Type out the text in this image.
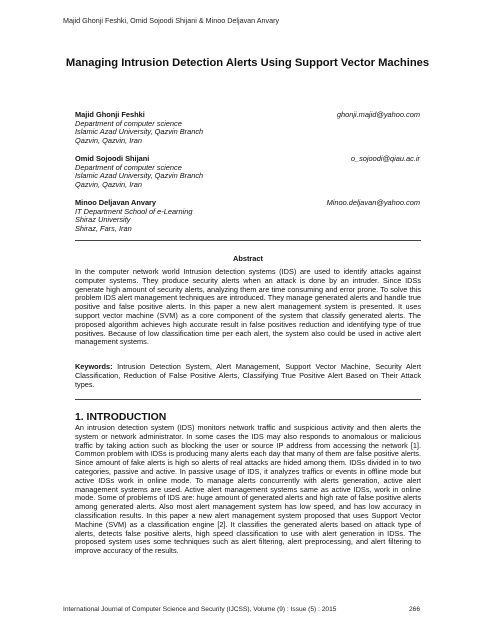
Majid Ghonji Feshki, Omid Sojoodi Shijani & Minoo Deljavan Anvary
Managing Intrusion Detection Alerts Using Support Vector Machines
Majid Ghonji Feshki	ghonji.majid@yahoo.com
Department of computer science
Islamic Azad University, Qazvin Branch
Qazvin, Qazvin, Iran
Omid Sojoodi Shijani	o_sojoodi@qiau.ac.ir
Department of computer science
Islamic Azad University, Qazvin Branch
Qazvin, Qazvin, Iran
Minoo Deljavan Anvary	Minoo.deljavan@yahoo.com
IT Department School of e-Learning
Shiraz University
Shiraz, Fars, Iran
Abstract
In the computer network world Intrusion detection systems (IDS) are used to identify attacks against computer systems. They produce security alerts when an attack is done by an intruder. Since IDSs generate high amount of security alerts, analyzing them are time consuming and error prone. To solve this problem IDS alert management techniques are introduced. They manage generated alerts and handle true positive and false positive alerts. In this paper a new alert management system is presented. It uses support vector machine (SVM) as a core component of the system that classify generated alerts. The proposed algorithm achieves high accurate result in false positives reduction and identifying type of true positives. Because of low classification time per each alert, the system also could be used in active alert management systems.
Keywords: Intrusion Detection System, Alert Management, Support Vector Machine, Security Alert Classification, Reduction of False Positive Alerts, Classifying True Positive Alert Based on Their Attack types.
1. INTRODUCTION
An intrusion detection system (IDS) monitors network traffic and suspicious activity and then alerts the system or network administrator. In some cases the IDS may also responds to anomalous or malicious traffic by taking action such as blocking the user or source IP address from accessing the network [1]. Common problem with IDSs is producing many alerts each day that many of them are false positive alerts. Since amount of fake alerts is high so alerts of real attacks are hided among them. IDSs divided in to two categories, passive and active. In passive usage of IDS, it analyzes traffics or events in offline mode but active IDSs work in online mode. To manage alerts concurrently with alerts generation, active alert management systems are used. Active alert management systems same as active IDSs, work in online mode. Some of problems of IDS are: huge amount of generated alerts and high rate of false positive alerts among generated alerts. Also most alert management system has low speed, and has low accuracy in classification results. In this paper a new alert management system proposed that uses Support Vector Machine (SVM) as a classification engine [2]. It classifies the generated alerts based on attack type of alerts, detects false positive alerts, high speed classification to use with alert generation in IDSs. The proposed system uses some techniques such as alert filtering, alert preprocessing, and alert filtering to improve accuracy of the results.
International Journal of Computer Science and Security (IJCSS), Volume (9) : Issue (5) : 2015	266
